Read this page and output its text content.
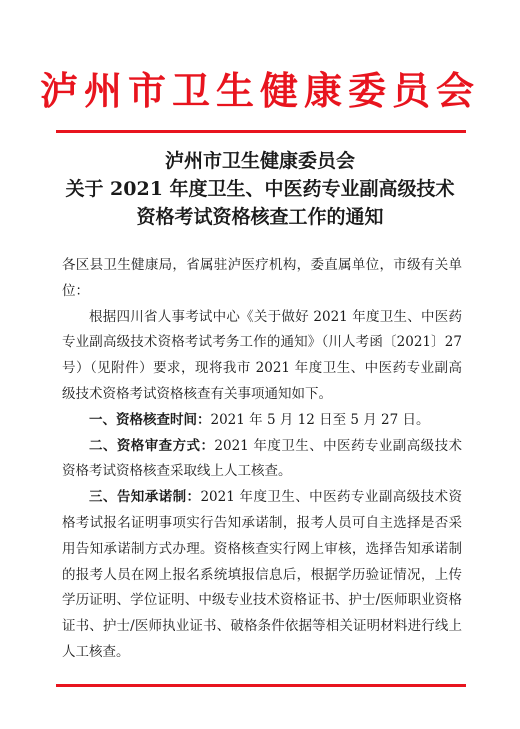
泸州市卫生健康委员会
泸州市卫生健康委员会
关于 2021 年度卫生、中医药专业副高级技术
资格考试资格核查工作的通知

各区县卫生健康局，省属驻泸医疗机构，委直属单位，市级有关单位：

根据四川省人事考试中心《关于做好 2021 年度卫生、中医药专业副高级技术资格考试考务工作的通知》（川人考函〔2021〕27 号）（见附件）要求，现将我市 2021 年度卫生、中医药专业副高级技术资格考试资格核查有关事项通知如下。

一、资格核查时间：2021 年 5 月 12 日至 5 月 27 日。

二、资格审查方式：2021 年度卫生、中医药专业副高级技术资格考试资格核查采取线上人工核查。

三、告知承诺制：2021 年度卫生、中医药专业副高级技术资格考试报名证明事项实行告知承诺制，报考人员可自主选择是否采用告知承诺制方式办理。资格核查实行网上审核，选择告知承诺制的报考人员在网上报名系统填报信息后，根据学历验证情况，上传学历证明、学位证明、中级专业技术资格证书、护士/医师职业资格证书、护士/医师执业证书、破格条件依据等相关证明材料进行线上人工核查。
